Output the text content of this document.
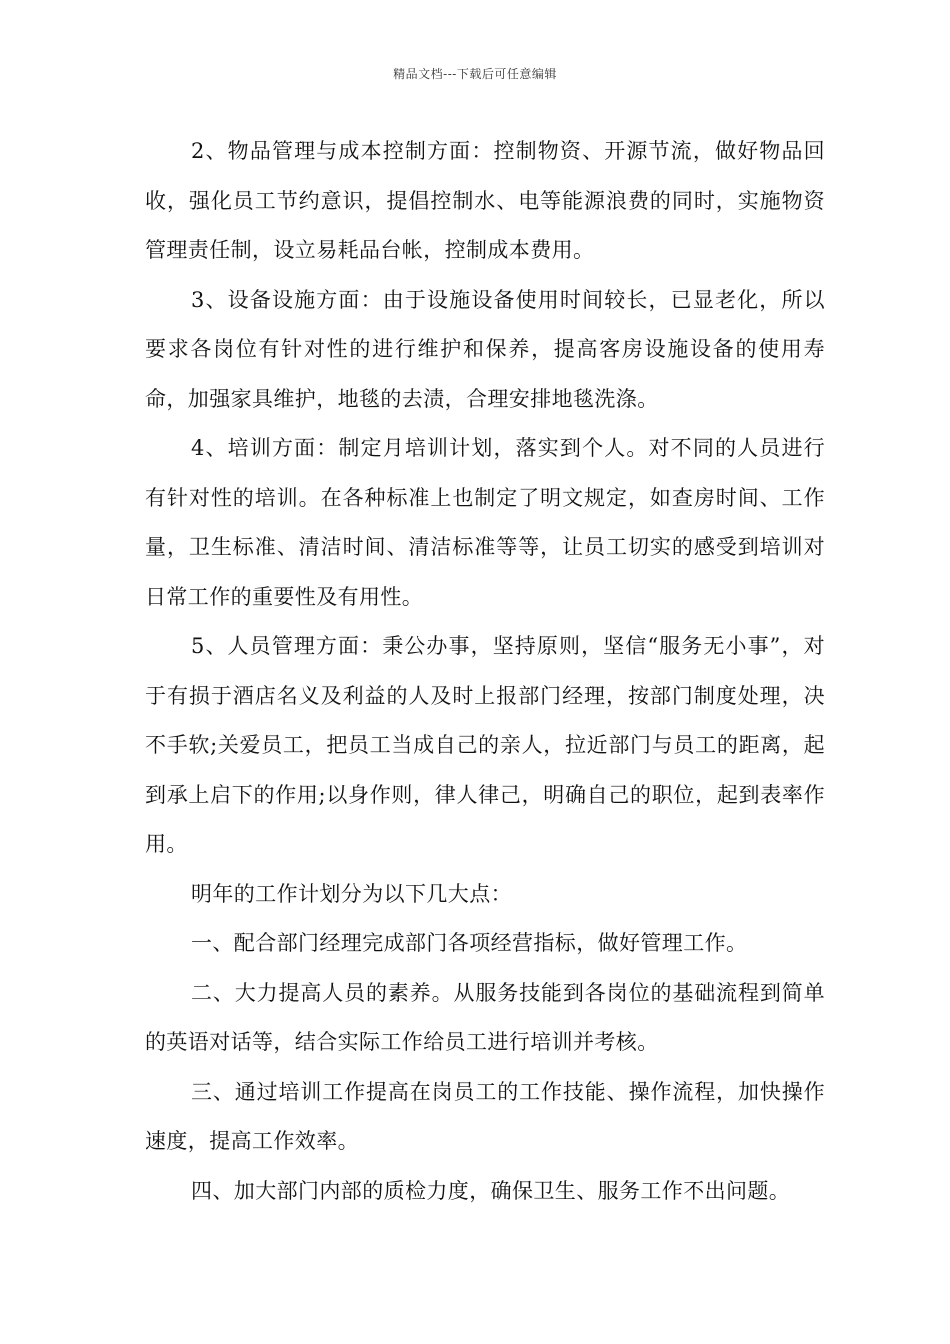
精品文档---下载后可任意编辑

2、物品管理与成本控制方面：控制物资、开源节流，做好物品回收，强化员工节约意识，提倡控制水、电等能源浪费的同时，实施物资管理责任制，设立易耗品台帐，控制成本费用。

3、设备设施方面：由于设施设备使用时间较长，已显老化，所以要求各岗位有针对性的进行维护和保养，提高客房设施设备的使用寿命，加强家具维护，地毯的去渍，合理安排地毯洗涤。

4、培训方面：制定月培训计划，落实到个人。对不同的人员进行有针对性的培训。在各种标准上也制定了明文规定，如查房时间、工作量，卫生标准、清洁时间、清洁标准等等，让员工切实的感受到培训对日常工作的重要性及有用性。

5、人员管理方面：秉公办事，坚持原则，坚信“服务无小事”，对于有损于酒店名义及利益的人及时上报部门经理，按部门制度处理，决不手软;关爱员工，把员工当成自己的亲人，拉近部门与员工的距离，起到承上启下的作用;以身作则，律人律己，明确自己的职位，起到表率作用。

明年的工作计划分为以下几大点：

一、配合部门经理完成部门各项经营指标，做好管理工作。

二、大力提高人员的素养。从服务技能到各岗位的基础流程到简单的英语对话等，结合实际工作给员工进行培训并考核。

三、通过培训工作提高在岗员工的工作技能、操作流程，加快操作速度，提高工作效率。

四、加大部门内部的质检力度，确保卫生、服务工作不出问题。
